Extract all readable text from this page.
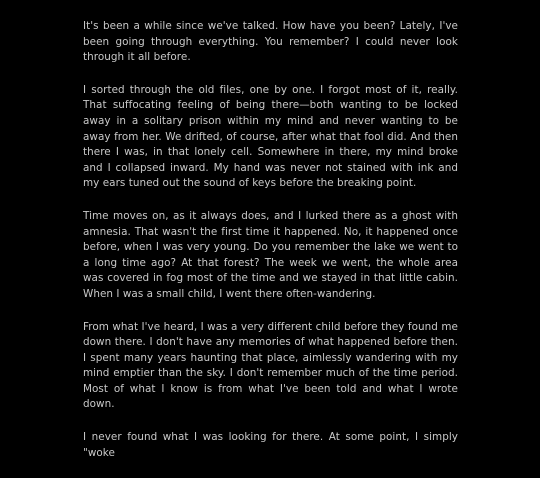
It's been a while since we've talked. How have you been? Lately, I've been going through everything. You remember? I could never look through it all before.

I sorted through the old files, one by one. I forgot most of it, really. That suffocating feeling of being there—both wanting to be locked away in a solitary prison within my mind and never wanting to be away from her. We drifted, of course, after what that fool did. And then there I was, in that lonely cell. Somewhere in there, my mind broke and I collapsed inward. My hand was never not stained with ink and my ears tuned out the sound of keys before the breaking point.

Time moves on, as it always does, and I lurked there as a ghost with amnesia. That wasn't the first time it happened. No, it happened once before, when I was very young. Do you remember the lake we went to a long time ago? At that forest? The week we went, the whole area was covered in fog most of the time and we stayed in that little cabin. When I was a small child, I went there often-wandering.

From what I've heard, I was a very different child before they found me down there. I don't have any memories of what happened before then. I spent many years haunting that place, aimlessly wandering with my mind emptier than the sky. I don't remember much of the time period. Most of what I know is from what I've been told and what I wrote down.

I never found what I was looking for there. At some point, I simply "woke
